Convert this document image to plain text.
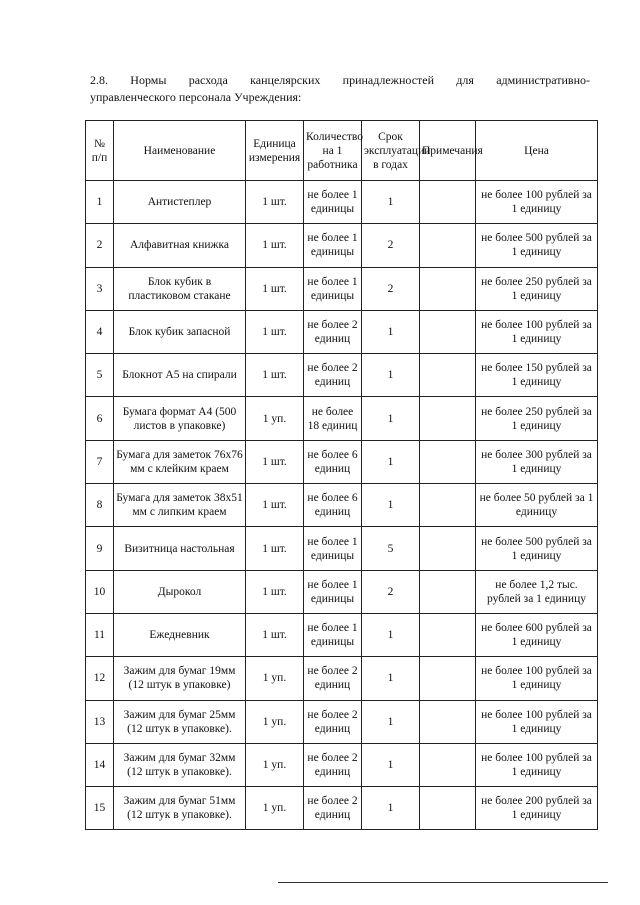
2.8. Нормы расхода канцелярских принадлежностей для административно-
управленческого персонала Учреждения:
№ п/п	Наименование	Единица измерения	Количество на 1 работника	Срок эксплуатации в годах	Примечания	Цена
1	Антистеплер	1 шт.	не более 1 единицы	1		не более 100 рублей за 1 единицу
2	Алфавитная книжка	1 шт.	не более 1 единицы	2		не более 500 рублей за 1 единицу
3	Блок кубик в пластиковом стакане	1 шт.	не более 1 единицы	2		не более 250 рублей за 1 единицу
4	Блок кубик запасной	1 шт.	не более 2 единиц	1		не более 100 рублей за 1 единицу
5	Блокнот А5 на спирали	1 шт.	не более 2 единиц	1		не более 150 рублей за 1 единицу
6	Бумага формат А4 (500 листов в упаковке)	1 уп.	не более 18 единиц	1		не более 250 рублей за 1 единицу
7	Бумага для заметок 76x76 мм с клейким краем	1 шт.	не более 6 единиц	1		не более 300 рублей за 1 единицу
8	Бумага для заметок 38x51 мм с липким краем	1 шт.	не более 6 единиц	1		не более 50 рублей за 1 единицу
9	Визитница настольная	1 шт.	не более 1 единицы	5		не более 500 рублей за 1 единицу
10	Дырокол	1 шт.	не более 1 единицы	2		не более 1,2 тыс. рублей за 1 единицу
11	Ежедневник	1 шт.	не более 1 единицы	1		не более 600 рублей за 1 единицу
12	Зажим для бумаг 19мм (12 штук в упаковке)	1 уп.	не более 2 единиц	1		не более 100 рублей за 1 единицу
13	Зажим для бумаг 25мм (12 штук в упаковке).	1 уп.	не более 2 единиц	1		не более 100 рублей за 1 единицу
14	Зажим для бумаг 32мм (12 штук в упаковке).	1 уп.	не более 2 единиц	1		не более 100 рублей за 1 единицу
15	Зажим для бумаг 51мм (12 штук в упаковке).	1 уп.	не более 2 единиц	1		не более 200 рублей за 1 единицу
